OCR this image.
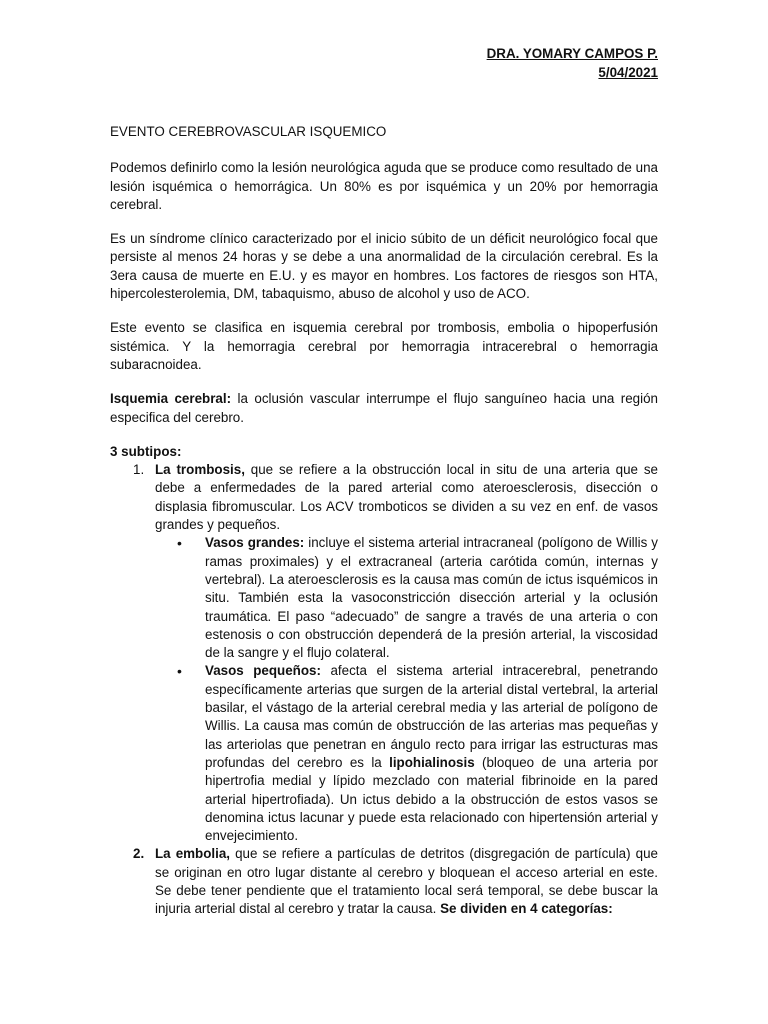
DRA. YOMARY CAMPOS P.
5/04/2021

EVENTO CEREBROVASCULAR ISQUEMICO

Podemos definirlo como la lesión neurológica aguda que se produce como resultado de una lesión isquémica o hemorrágica. Un 80% es por isquémica y un 20% por hemorragia cerebral.

Es un síndrome clínico caracterizado por el inicio súbito de un déficit neurológico focal que persiste al menos 24 horas y se debe a una anormalidad de la circulación cerebral. Es la 3era causa de muerte en E.U. y es mayor en hombres. Los factores de riesgos son HTA, hipercolesterolemia, DM, tabaquismo, abuso de alcohol y uso de ACO.

Este evento se clasifica en isquemia cerebral por trombosis, embolia o hipoperfusión sistémica. Y la hemorragia cerebral por hemorragia intracerebral o hemorragia subaracnoidea.

Isquemia cerebral: la oclusión vascular interrumpe el flujo sanguíneo hacia una región especifica del cerebro.

3 subtipos:

1. La trombosis, que se refiere a la obstrucción local in situ de una arteria que se debe a enfermedades de la pared arterial como ateroesclerosis, disección o displasia fibromuscular. Los ACV tromboticos se dividen a su vez en enf. de vasos grandes y pequeños.
• Vasos grandes: incluye el sistema arterial intracraneal (polígono de Willis y ramas proximales) y el extracraneal (arteria carótida común, internas y vertebral). La ateroesclerosis es la causa mas común de ictus isquémicos in situ. También esta la vasoconstricción disección arterial y la oclusión traumática. El paso “adecuado” de sangre a través de una arteria o con estenosis o con obstrucción dependerá de la presión arterial, la viscosidad de la sangre y el flujo colateral.
• Vasos pequeños: afecta el sistema arterial intracerebral, penetrando específicamente arterias que surgen de la arterial distal vertebral, la arterial basilar, el vástago de la arterial cerebral media y las arterial de polígono de Willis. La causa mas común de obstrucción de las arterias mas pequeñas y las arteriolas que penetran en ángulo recto para irrigar las estructuras mas profundas del cerebro es la lipohialinosis (bloqueo de una arteria por hipertrofia medial y lípido mezclado con material fibrinoide en la pared arterial hipertrofiada). Un ictus debido a la obstrucción de estos vasos se denomina ictus lacunar y puede esta relacionado con hipertensión arterial y envejecimiento.
2. La embolia, que se refiere a partículas de detritos (disgregación de partícula) que se originan en otro lugar distante al cerebro y bloquean el acceso arterial en este. Se debe tener pendiente que el tratamiento local será temporal, se debe buscar la injuria arterial distal al cerebro y tratar la causa. Se dividen en 4 categorías:
